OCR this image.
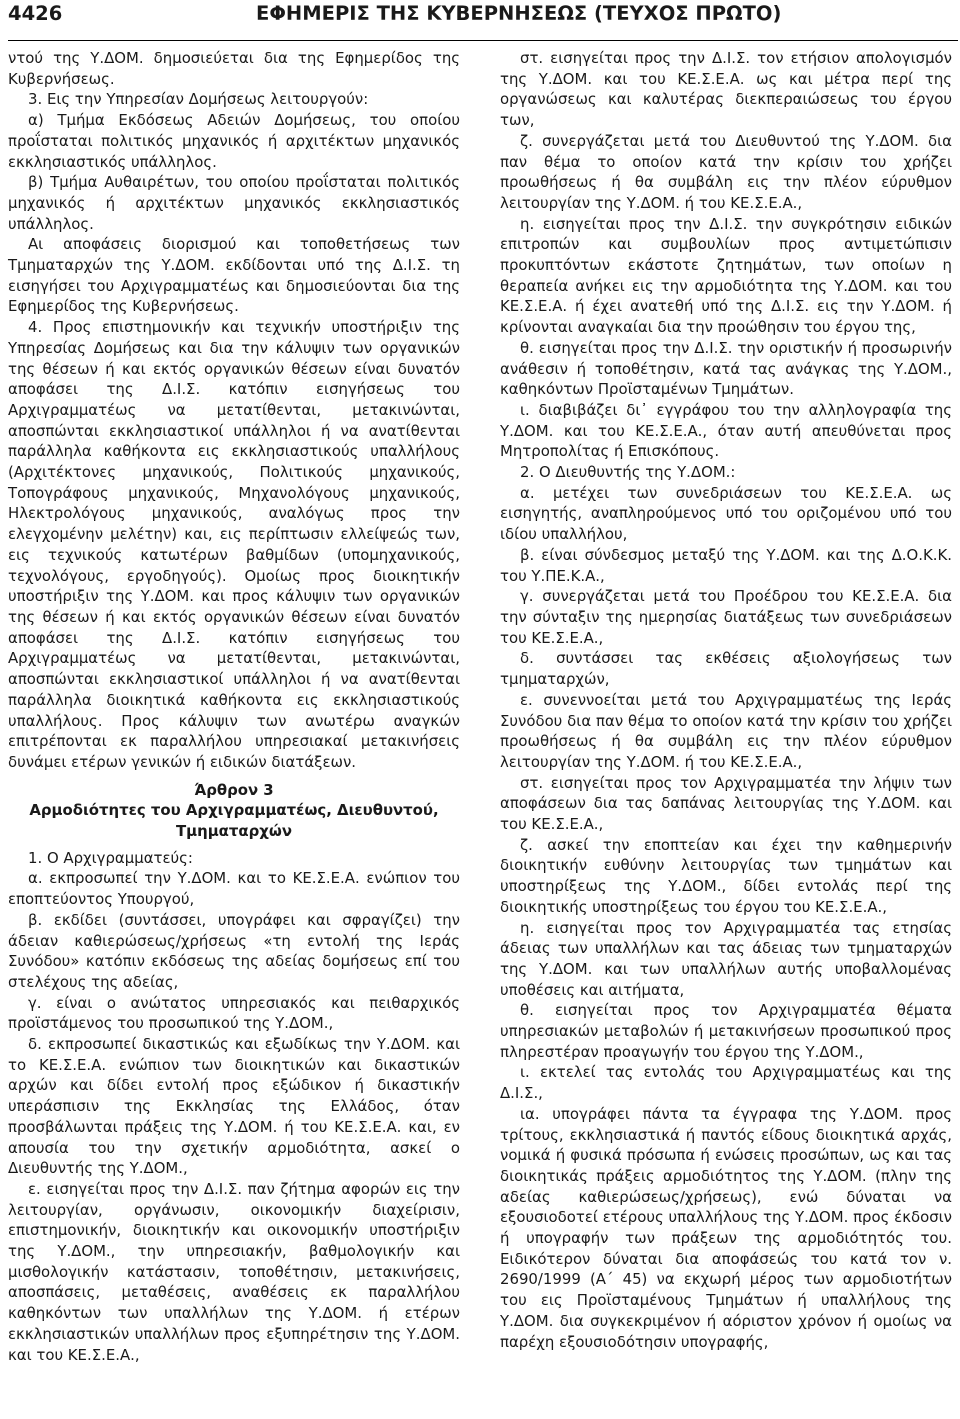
4426	ΕΦΗΜΕΡΙΣ ΤΗΣ ΚΥΒΕΡΝΗΣΕΩΣ (ΤΕΥΧΟΣ ΠΡΩΤΟ)

ντού της Υ.ΔΟΜ. δημοσιεύεται δια της Εφημερίδος της Κυβερνήσεως.

3. Εις την Υπηρεσίαν Δομήσεως λειτουργούν:

α) Τμήμα Εκδόσεως Αδειών Δομήσεως, του οποίου προΐσταται πολιτικός μηχανικός ή αρχιτέκτων μηχανικός εκκλησιαστικός υπάλληλος.

β) Τμήμα Αυθαιρέτων, του οποίου προΐσταται πολιτικός μηχανικός ή αρχιτέκτων μηχανικός εκκλησιαστικός υπάλληλος.

Αι αποφάσεις διορισμού και τοποθετήσεως των Τμηματαρχών της Υ.ΔΟΜ. εκδίδονται υπό της Δ.Ι.Σ. τη εισηγήσει του Αρχιγραμματέως και δημοσιεύονται δια της Εφημερίδος της Κυβερνήσεως.

4. Προς επιστημονικήν και τεχνικήν υποστήριξιν της Υπηρεσίας Δομήσεως και δια την κάλυψιν των οργανικών της θέσεων ή και εκτός οργανικών θέσεων είναι δυνατόν αποφάσει της Δ.Ι.Σ. κατόπιν εισηγήσεως του Αρχιγραμματέως να μετατίθενται, μετακινώνται, αποσπώνται εκκλησιαστικοί υπάλληλοι ή να ανατίθενται παράλληλα καθήκοντα εις εκκλησιαστικούς υπαλλήλους (Αρχιτέκτονες μηχανικούς, Πολιτικούς μηχανικούς, Τοπογράφους μηχανικούς, Μηχανολόγους μηχανικούς, Ηλεκτρολόγους μηχανικούς, αναλόγως προς την ελεγχομένην μελέτην) και, εις περίπτωσιν ελλείψεώς των, εις τεχνικούς κατωτέρων βαθμίδων (υπομηχανικούς, τεχνολόγους, εργοδηγούς). Ομοίως προς διοικητικήν υποστήριξιν της Υ.ΔΟΜ. και προς κάλυψιν των οργανικών της θέσεων ή και εκτός οργανικών θέσεων είναι δυνατόν αποφάσει της Δ.Ι.Σ. κατόπιν εισηγήσεως του Αρχιγραμματέως να μετατίθενται, μετακινώνται, αποσπώνται εκκλησιαστικοί υπάλληλοι ή να ανατίθενται παράλληλα διοικητικά καθήκοντα εις εκκλησιαστικούς υπαλλήλους. Προς κάλυψιν των ανωτέρω αναγκών επιτρέπονται εκ παραλλήλου υπηρεσιακαί μετακινήσεις δυνάμει ετέρων γενικών ή ειδικών διατάξεων.

Άρθρον 3

Αρμοδιότητες του Αρχιγραμματέως, Διευθυντού, Τμηματαρχών

1. Ο Αρχιγραμματεύς:

α. εκπροσωπεί την Υ.ΔΟΜ. και το ΚΕ.Σ.Ε.Α. ενώπιον του εποπτεύοντος Υπουργού,

β. εκδίδει (συντάσσει, υπογράφει και σφραγίζει) την άδειαν καθιερώσεως/χρήσεως «τη εντολή της Ιεράς Συνόδου» κατόπιν εκδόσεως της αδείας δομήσεως επί του στελέχους της αδείας,

γ. είναι ο ανώτατος υπηρεσιακός και πειθαρχικός προϊστάμενος του προσωπικού της Υ.ΔΟΜ.,

δ. εκπροσωπεί δικαστικώς και εξωδίκως την Υ.ΔΟΜ. και το ΚΕ.Σ.Ε.Α. ενώπιον των διοικητικών και δικαστικών αρχών και δίδει εντολή προς εξώδικον ή δικαστικήν υπεράσπισιν της Εκκλησίας της Ελλάδος, όταν προσβάλωνται πράξεις της Υ.ΔΟΜ. ή του ΚΕ.Σ.Ε.Α. και, εν απουσία του την σχετικήν αρμοδιότητα, ασκεί ο Διευθυντής της Υ.ΔΟΜ.,

ε. εισηγείται προς την Δ.Ι.Σ. παν ζήτημα αφορών εις την λειτουργίαν, οργάνωσιν, οικονομικήν διαχείρισιν, επιστημονικήν, διοικητικήν και οικονομικήν υποστήριξιν της Υ.ΔΟΜ., την υπηρεσιακήν, βαθμολογικήν και μισθολογικήν κατάστασιν, τοποθέτησιν, μετακινήσεις, αποσπάσεις, μεταθέσεις, αναθέσεις εκ παραλλήλου καθηκόντων των υπαλλήλων της Υ.ΔΟΜ. ή ετέρων εκκλησιαστικών υπαλλήλων προς εξυπηρέτησιν της Υ.ΔΟΜ. και του ΚΕ.Σ.Ε.Α.,

στ. εισηγείται προς την Δ.Ι.Σ. τον ετήσιον απολογισμόν της Υ.ΔΟΜ. και του ΚΕ.Σ.Ε.Α. ως και μέτρα περί της οργανώσεως και καλυτέρας διεκπεραιώσεως του έργου των,

ζ. συνεργάζεται μετά του Διευθυντού της Υ.ΔΟΜ. δια παν θέμα το οποίον κατά την κρίσιν του χρήζει προωθήσεως ή θα συμβάλη εις την πλέον εύρυθμον λειτουργίαν της Υ.ΔΟΜ. ή του ΚΕ.Σ.Ε.Α.,

η. εισηγείται προς την Δ.Ι.Σ. την συγκρότησιν ειδικών επιτροπών και συμβουλίων προς αντιμετώπισιν προκυπτόντων εκάστοτε ζητημάτων, των οποίων η θεραπεία ανήκει εις την αρμοδιότητα της Υ.ΔΟΜ. και του ΚΕ.Σ.Ε.Α. ή έχει ανατεθή υπό της Δ.Ι.Σ. εις την Υ.ΔΟΜ. ή κρίνονται αναγκαίαι δια την προώθησιν του έργου της,

θ. εισηγείται προς την Δ.Ι.Σ. την οριστικήν ή προσωρινήν ανάθεσιν ή τοποθέτησιν, κατά τας ανάγκας της Υ.ΔΟΜ., καθηκόντων Προϊσταμένων Τμημάτων.

ι. διαβιβάζει δι᾽ εγγράφου του την αλληλογραφία της Υ.ΔΟΜ. και του ΚΕ.Σ.Ε.Α., όταν αυτή απευθύνεται προς Μητροπολίτας ή Επισκόπους.

2. Ο Διευθυντής της Υ.ΔΟΜ.:

α. μετέχει των συνεδριάσεων του ΚΕ.Σ.Ε.Α. ως εισηγητής, αναπληρούμενος υπό του οριζομένου υπό του ιδίου υπαλλήλου,

β. είναι σύνδεσμος μεταξύ της Υ.ΔΟΜ. και της Δ.Ο.Κ.Κ. του Υ.ΠΕ.Κ.Α.,

γ. συνεργάζεται μετά του Προέδρου του ΚΕ.Σ.Ε.Α. δια την σύνταξιν της ημερησίας διατάξεως των συνεδριάσεων του ΚΕ.Σ.Ε.Α.,

δ. συντάσσει τας εκθέσεις αξιολογήσεως των τμηματαρχών,

ε. συνεννοείται μετά του Αρχιγραμματέως της Ιεράς Συνόδου δια παν θέμα το οποίον κατά την κρίσιν του χρήζει προωθήσεως ή θα συμβάλη εις την πλέον εύρυθμον λειτουργίαν της Υ.ΔΟΜ. ή του ΚΕ.Σ.Ε.Α.,

στ. εισηγείται προς τον Αρχιγραμματέα την λήψιν των αποφάσεων δια τας δαπάνας λειτουργίας της Υ.ΔΟΜ. και του ΚΕ.Σ.Ε.Α.,

ζ. ασκεί την εποπτείαν και έχει την καθημερινήν διοικητικήν ευθύνην λειτουργίας των τμημάτων και υποστηρίξεως της Υ.ΔΟΜ., δίδει εντολάς περί της διοικητικής υποστηρίξεως του έργου του ΚΕ.Σ.Ε.Α.,

η. εισηγείται προς τον Αρχιγραμματέα τας ετησίας άδειας των υπαλλήλων και τας άδειας των τμηματαρχών της Υ.ΔΟΜ. και των υπαλλήλων αυτής υποβαλλομένας υποθέσεις και αιτήματα,

θ. εισηγείται προς τον Αρχιγραμματέα θέματα υπηρεσιακών μεταβολών ή μετακινήσεων προσωπικού προς πληρεστέραν προαγωγήν του έργου της Υ.ΔΟΜ.,

ι. εκτελεί τας εντολάς του Αρχιγραμματέως και της Δ.Ι.Σ.,

ια. υπογράφει πάντα τα έγγραφα της Υ.ΔΟΜ. προς τρίτους, εκκλησιαστικά ή παντός είδους διοικητικά αρχάς, νομικά ή φυσικά πρόσωπα ή ενώσεις προσώπων, ως και τας διοικητικάς πράξεις αρμοδιότητος της Υ.ΔΟΜ. (πλην της αδείας καθιερώσεως/χρήσεως), ενώ δύναται να εξουσιοδοτεί ετέρους υπαλλήλους της Υ.ΔΟΜ. προς έκδοσιν ή υπογραφήν των πράξεων της αρμοδιότητός του. Ειδικότερον δύναται δια αποφάσεώς του κατά τον ν. 2690/1999 (Α΄ 45) να εκχωρή μέρος των αρμοδιοτήτων του εις Προϊσταμένους Τμημάτων ή υπαλλήλους της Υ.ΔΟΜ. δια συγκεκριμένον ή αόριστον χρόνον ή ομοίως να παρέχη εξουσιοδότησιν υπογραφής,
